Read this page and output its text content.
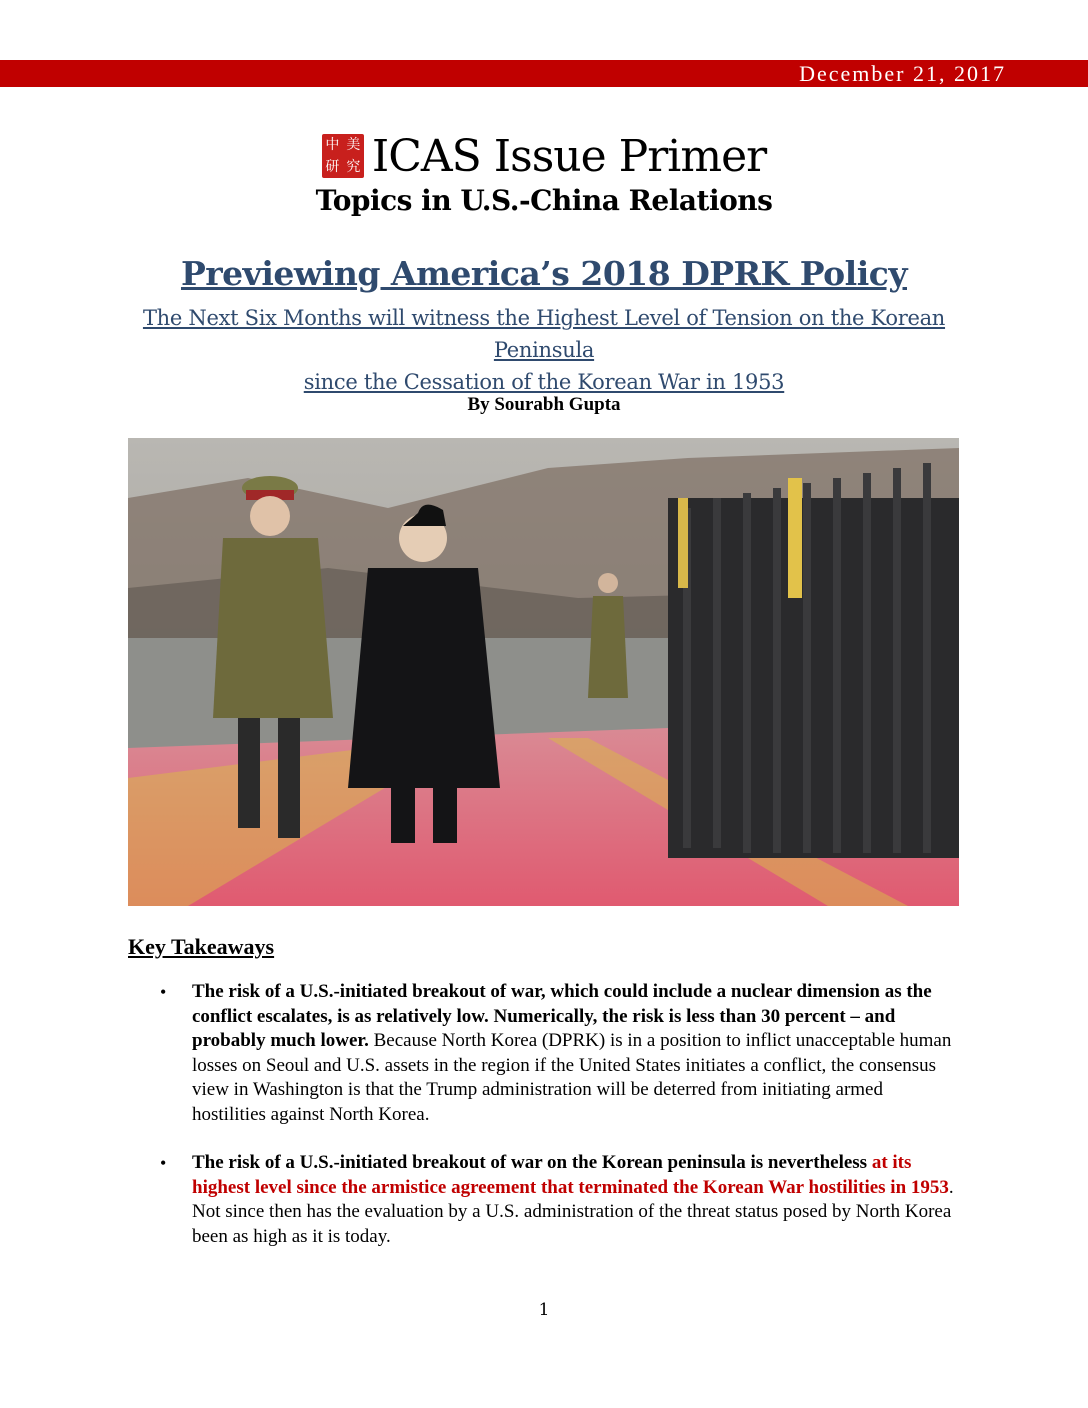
December 21, 2017
中 美
研 究 ICAS Issue Primer
Topics in U.S.-China Relations
Previewing America’s 2018 DPRK Policy
The Next Six Months will witness the Highest Level of Tension on the Korean Peninsula
since the Cessation of the Korean War in 1953
By Sourabh Gupta
Key Takeaways
• The risk of a U.S.-initiated breakout of war, which could include a nuclear dimension as the conflict escalates, is as relatively low. Numerically, the risk is less than 30 percent – and probably much lower. Because North Korea (DPRK) is in a position to inflict unacceptable human losses on Seoul and U.S. assets in the region if the United States initiates a conflict, the consensus view in Washington is that the Trump administration will be deterred from initiating armed hostilities against North Korea.
• The risk of a U.S.-initiated breakout of war on the Korean peninsula is nevertheless at its highest level since the armistice agreement that terminated the Korean War hostilities in 1953. Not since then has the evaluation by a U.S. administration of the threat status posed by North Korea been as high as it is today.
1
